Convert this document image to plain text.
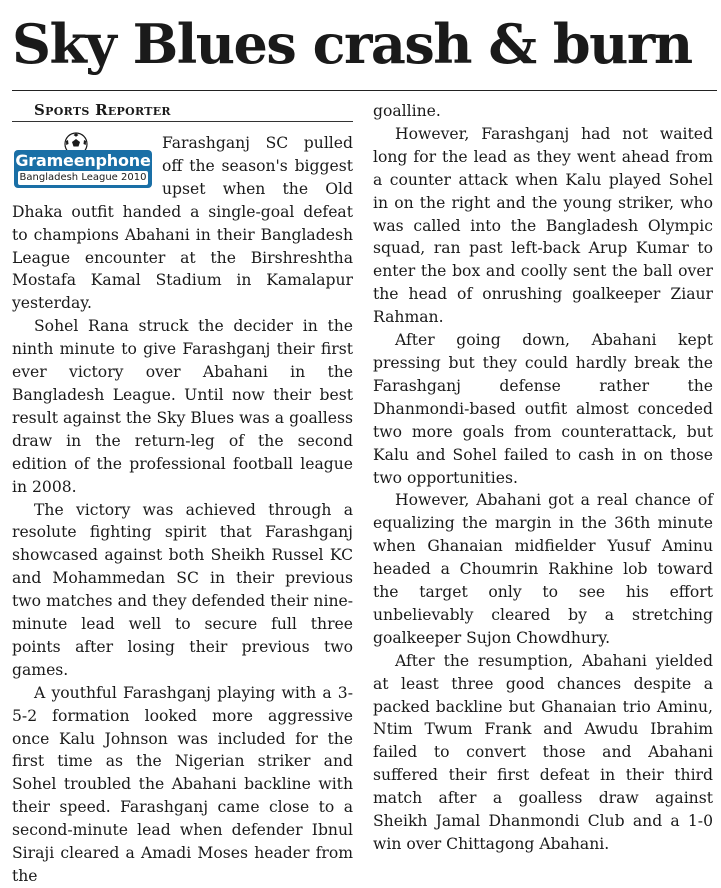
Sky Blues crash & burn

Sports Reporter

Grameenphone
Bangladesh League 2010

Farashganj SC pulled off the season's biggest upset when the Old Dhaka outfit handed a single-goal defeat to champions Abahani in their Bangladesh League encounter at the Birshreshtha Mostafa Kamal Stadium in Kamalapur yesterday.

Sohel Rana struck the decider in the ninth minute to give Farashganj their first ever victory over Abahani in the Bangladesh League. Until now their best result against the Sky Blues was a goalless draw in the return-leg of the second edition of the professional football league in 2008.

The victory was achieved through a resolute fighting spirit that Farashganj showcased against both Sheikh Russel KC and Mohammedan SC in their previous two matches and they defended their nine-minute lead well to secure full three points after losing their previous two games.

A youthful Farashganj playing with a 3-5-2 formation looked more aggressive once Kalu Johnson was included for the first time as the Nigerian striker and Sohel troubled the Abahani backline with their speed. Farashganj came close to a second-minute lead when defender Ibnul Siraji cleared a Amadi Moses header from the

goalline.

However, Farashganj had not waited long for the lead as they went ahead from a counter attack when Kalu played Sohel in on the right and the young striker, who was called into the Bangladesh Olympic squad, ran past left-back Arup Kumar to enter the box and coolly sent the ball over the head of onrushing goalkeeper Ziaur Rahman.

After going down, Abahani kept pressing but they could hardly break the Farashganj defense rather the Dhanmondi-based outfit almost conceded two more goals from counterattack, but Kalu and Sohel failed to cash in on those two opportunities.

However, Abahani got a real chance of equalizing the margin in the 36th minute when Ghanaian midfielder Yusuf Aminu headed a Choumrin Rakhine lob toward the target only to see his effort unbelievably cleared by a stretching goalkeeper Sujon Chowdhury.

After the resumption, Abahani yielded at least three good chances despite a packed backline but Ghanaian trio Aminu, Ntim Twum Frank and Awudu Ibrahim failed to convert those and Abahani suffered their first defeat in their third match after a goalless draw against Sheikh Jamal Dhanmondi Club and a 1-0 win over Chittagong Abahani.
